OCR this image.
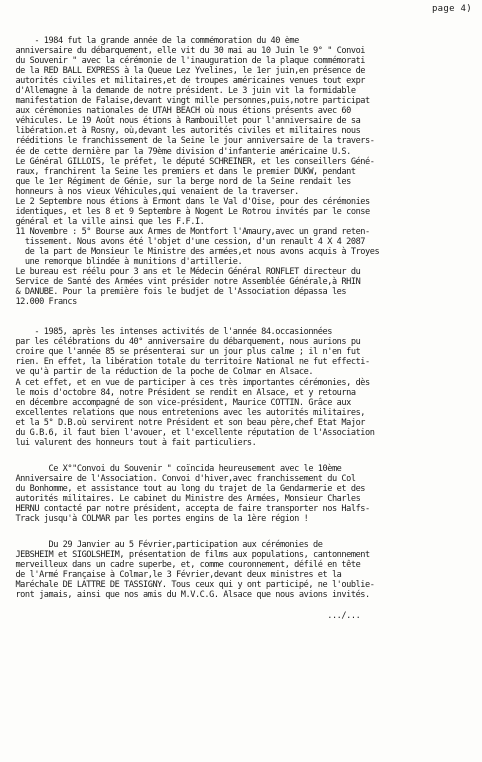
page 4)
- 1984 fut la grande année de la commémoration du 40 ème
anniversaire du débarquement, elle vit du 30 mai au 10 Juin le 9° " Convoi
du Souvenir " avec la cérémonie de l'inauguration de la plaque commémorati
de la RED BALL EXPRESS à la Queue Lez Yvelines, le 1er juin,en présence de
autorités civiles et militaires,et de troupes américaines venues tout expr
d'Allemagne à la demande de notre président. Le 3 juin vit la formidable
manifestation de Falaise,devant vingt mille personnes,puis,notre participat
aux cérémonies nationales de UTAH BEACH où nous étions présents avec 60
véhicules. Le 19 Août nous étions à Rambouillet pour l'anniversaire de sa
libération.et à Rosny, où,devant les autorités civiles et militaires nous
rééditions le franchissement de la Seine le jour anniversaire de la travers-
ée de cette dernière par la 79ème division d'infanterie américaine U.S.
Le Général GILLOIS, le préfet, le député SCHREINER, et les conseillers Géné-
raux, franchirent la Seine les premiers et dans le premier DUKW, pendant
que le 1er Régiment de Génie, sur la berge nord de la Seine rendait les
honneurs à nos vieux Véhicules,qui venaient de la traverser.
Le 2 Septembre nous étions à Ermont dans le Val d'Oise, pour des cérémonies
identiques, et les 8 et 9 Septembre à Nogent Le Rotrou invités par le conse
général et la ville ainsi que les F.F.I.
11 Novembre : 5° Bourse aux Armes de Montfort l'Amaury,avec un grand reten-
tissement. Nous avons été l'objet d'une cession, d'un renault 4 X 4 2087
de la part de Monsieur le Ministre des armées,et nous avons acquis à Troyes
une remorque blindée à munitions d'artillerie.
Le bureau est réélu pour 3 ans et le Médecin Général RONFLET directeur du
Service de Santé des Armées vint présider notre Assemblée Générale,à RHIN
& DANUBE. Pour la première fois le budjet de l'Association dépassa les
12.000 Francs
- 1985, après les intenses activités de l'année 84.occasionnées
par les célébrations du 40° anniversaire du débarquement, nous aurions pu
croire que l'année 85 se présenterai sur un jour plus calme ; il n'en fut
rien. En effet, la libération totale du territoire National ne fut effecti-
ve qu'à partir de la réduction de la poche de Colmar en Alsace.
A cet effet, et en vue de participer à ces très importantes cérémonies, dès
le mois d'octobre 84, notre Président se rendit en Alsace, et y retourna
en décembre accompagné de son vice-président, Maurice COTTIN. Grâce aux
excellentes relations que nous entretenions avec les autorités militaires,
et la 5° D.B.où servirent notre Président et son beau père,chef Etat Major
du G.B.6, il faut bien l'avouer, et l'excellente réputation de l'Association
lui valurent des honneurs tout à fait particuliers.
Ce X°"Convoi du Souvenir " coïncida heureusement avec le 10ème
Anniversaire de l'Association. Convoi d'hiver,avec franchissement du Col
du Bonhomme, et assistance tout au long du trajet de la Gendarmerie et des
autorités militaires. Le cabinet du Ministre des Armées, Monsieur Charles
HERNU contacté par notre président, accepta de faire transporter nos Halfs-
Track jusqu'à COLMAR par les portes engins de la 1ère région !
Du 29 Janvier au 5 Février,participation aux cérémonies de
JEBSHEIM et SIGOLSHEIM, présentation de films aux populations, cantonnement
merveilleux dans un cadre superbe, et, comme couronnement, défilé en tête
de l'Armé Française à Colmar,le 3 Février,devant deux ministres et la
Maréchale DE LATTRE DE TASSIGNY. Tous ceux qui y ont participé, ne l'oublie-
ront jamais, ainsi que nos amis du M.V.C.G. Alsace que nous avions invités.
.../...
